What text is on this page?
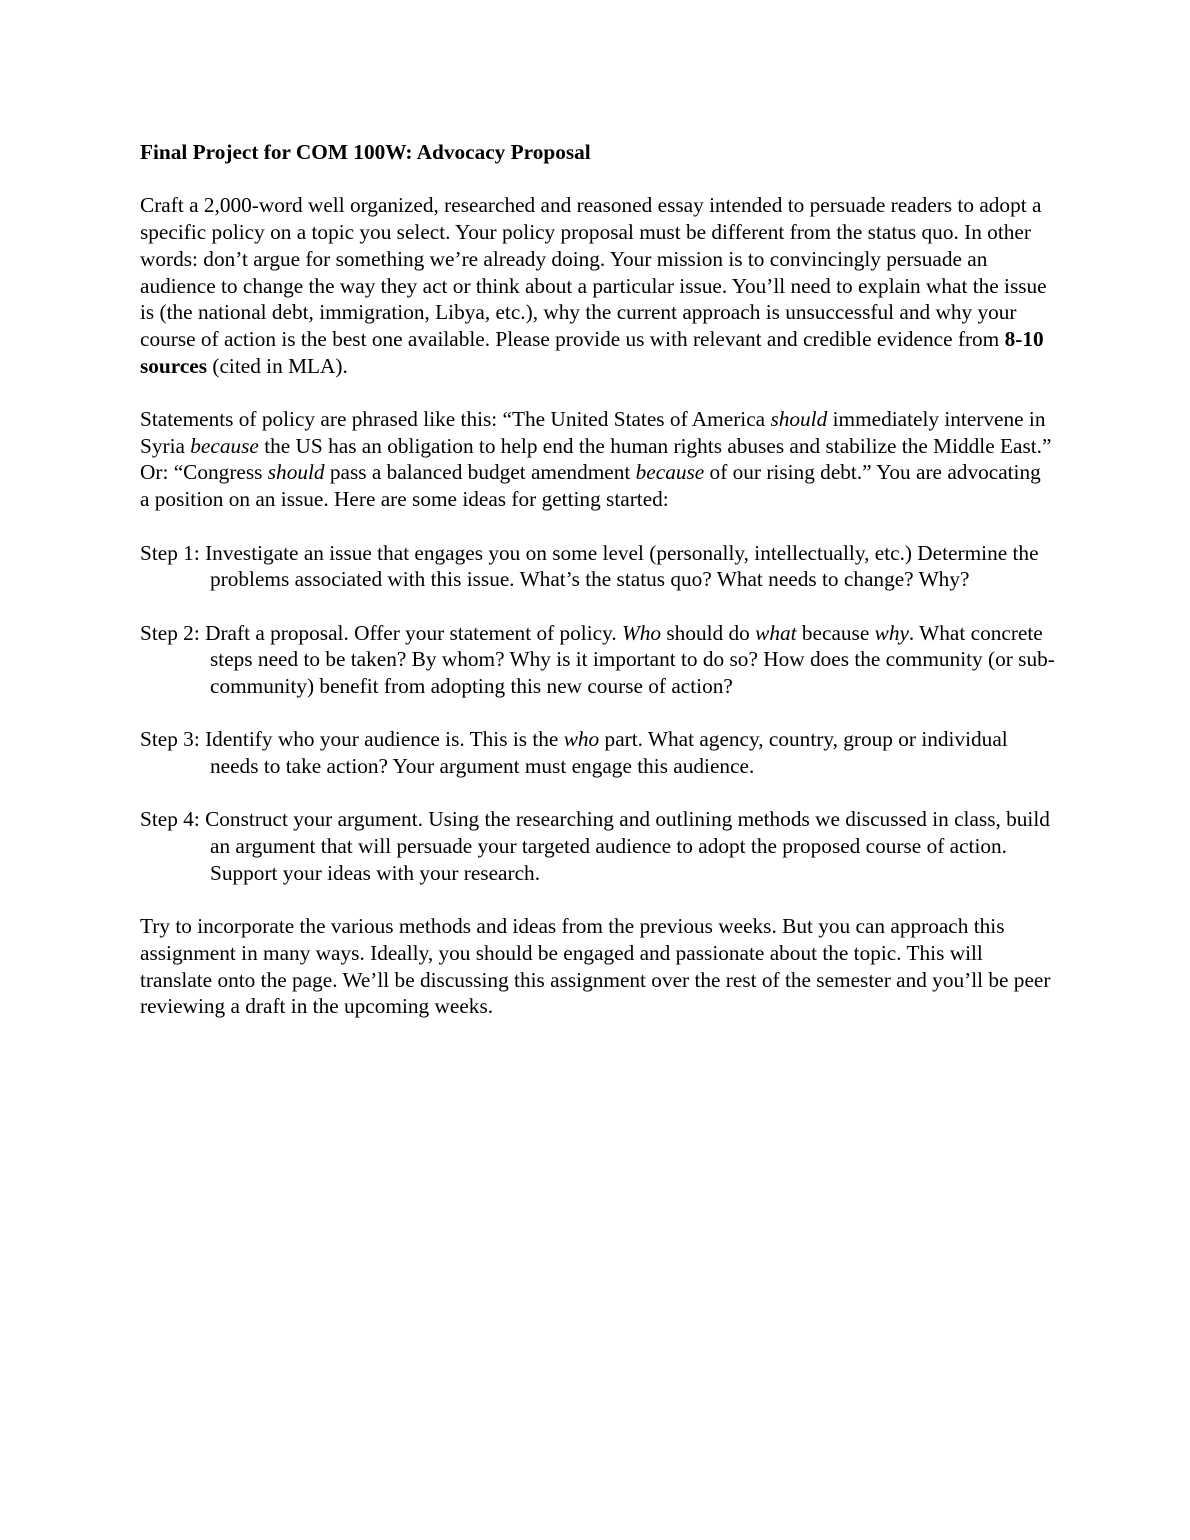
Final Project for COM 100W: Advocacy Proposal

Craft a 2,000-word well organized, researched and reasoned essay intended to persuade readers to adopt a specific policy on a topic you select. Your policy proposal must be different from the status quo. In other words: don’t argue for something we’re already doing. Your mission is to convincingly persuade an audience to change the way they act or think about a particular issue. You’ll need to explain what the issue is (the national debt, immigration, Libya, etc.), why the current approach is unsuccessful and why your course of action is the best one available. Please provide us with relevant and credible evidence from 8-10 sources (cited in MLA).

Statements of policy are phrased like this: “The United States of America should immediately intervene in Syria because the US has an obligation to help end the human rights abuses and stabilize the Middle East.” Or: “Congress should pass a balanced budget amendment because of our rising debt.” You are advocating a position on an issue. Here are some ideas for getting started:

Step 1: Investigate an issue that engages you on some level (personally, intellectually, etc.) Determine the problems associated with this issue. What’s the status quo? What needs to change? Why?
Step 2: Draft a proposal. Offer your statement of policy. Who should do what because why. What concrete steps need to be taken? By whom? Why is it important to do so? How does the community (or sub-community) benefit from adopting this new course of action?
Step 3: Identify who your audience is. This is the who part. What agency, country, group or individual needs to take action? Your argument must engage this audience.
Step 4: Construct your argument. Using the researching and outlining methods we discussed in class, build an argument that will persuade your targeted audience to adopt the proposed course of action. Support your ideas with your research.

Try to incorporate the various methods and ideas from the previous weeks. But you can approach this assignment in many ways. Ideally, you should be engaged and passionate about the topic. This will translate onto the page. We’ll be discussing this assignment over the rest of the semester and you’ll be peer reviewing a draft in the upcoming weeks.
